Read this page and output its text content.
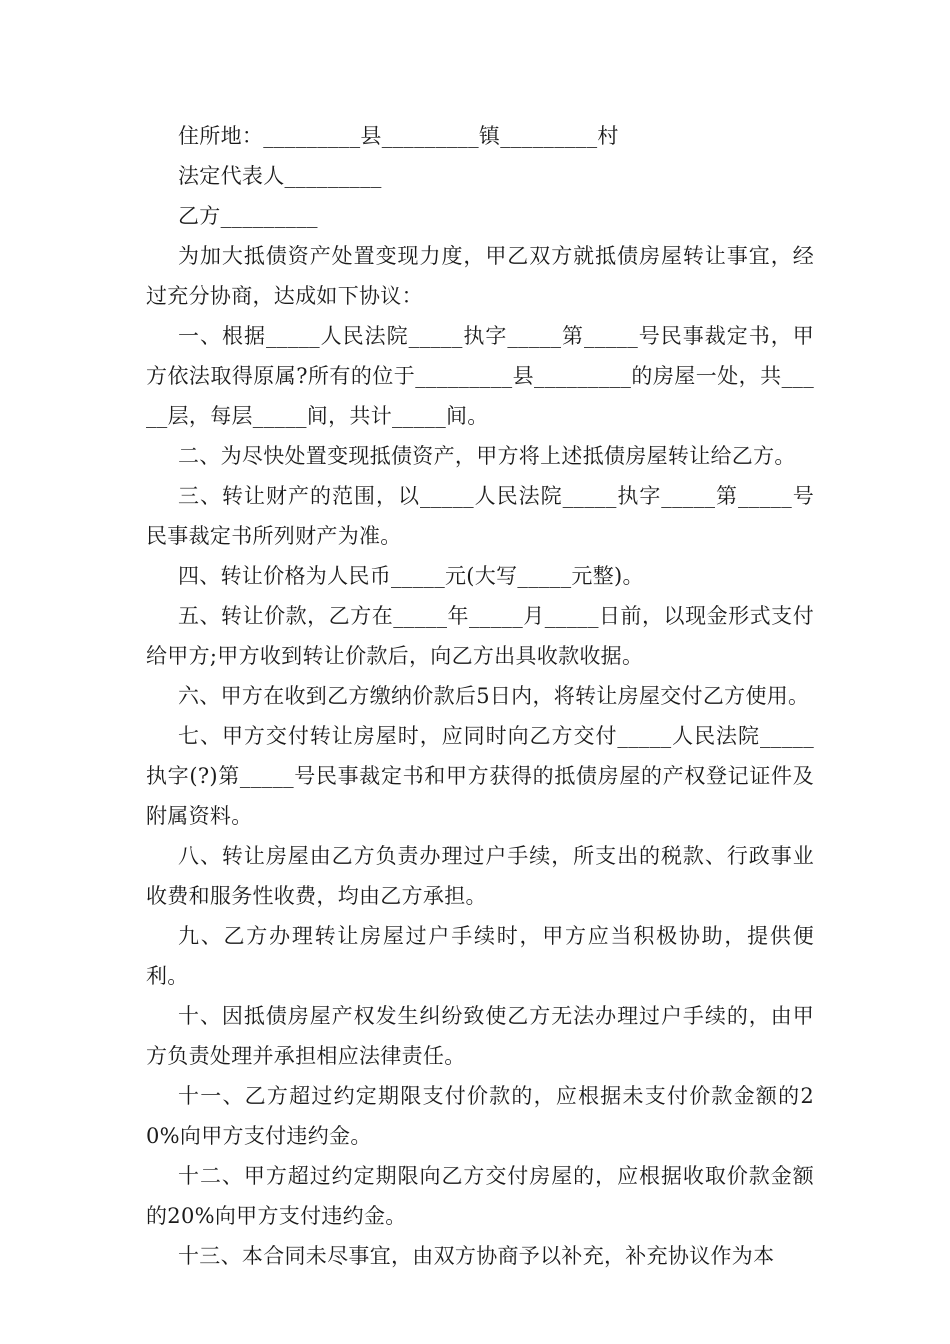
住所地：_________县_________镇_________村

法定代表人_________

乙方_________

为加大抵债资产处置变现力度，甲乙双方就抵债房屋转让事宜，经过充分协商，达成如下协议：

一、根据_____人民法院_____执字_____第_____号民事裁定书，甲方依法取得原属?所有的位于_________县_________的房屋一处，共_____层，每层_____间，共计_____间。

二、为尽快处置变现抵债资产，甲方将上述抵债房屋转让给乙方。

三、转让财产的范围，以_____人民法院_____执字_____第_____号民事裁定书所列财产为准。

四、转让价格为人民币_____元(大写_____元整)。

五、转让价款，乙方在_____年_____月_____日前，以现金形式支付给甲方;甲方收到转让价款后，向乙方出具收款收据。

六、甲方在收到乙方缴纳价款后5日内，将转让房屋交付乙方使用。

七、甲方交付转让房屋时，应同时向乙方交付_____人民法院_____执字(?)第_____号民事裁定书和甲方获得的抵债房屋的产权登记证件及附属资料。

八、转让房屋由乙方负责办理过户手续，所支出的税款、行政事业收费和服务性收费，均由乙方承担。

九、乙方办理转让房屋过户手续时，甲方应当积极协助，提供便利。

十、因抵债房屋产权发生纠纷致使乙方无法办理过户手续的，由甲方负责处理并承担相应法律责任。

十一、乙方超过约定期限支付价款的，应根据未支付价款金额的20%向甲方支付违约金。

十二、甲方超过约定期限向乙方交付房屋的，应根据收取价款金额的20%向甲方支付违约金。

十三、本合同未尽事宜，由双方协商予以补充，补充协议作为本
